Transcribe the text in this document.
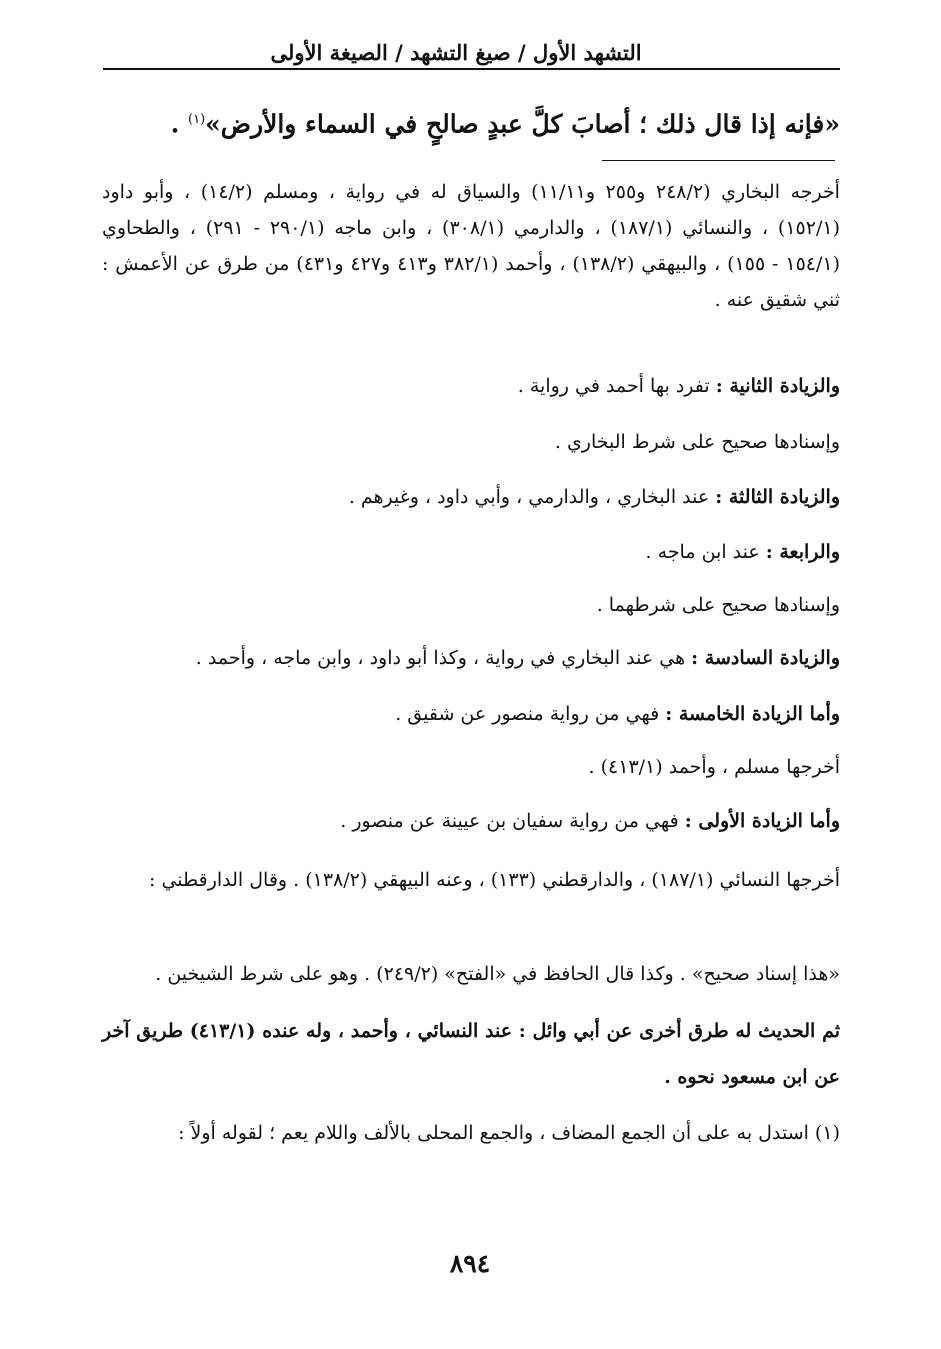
التشهد الأول / صيغ التشهد / الصيغة الأولى
«فإنه إذا قال ذلك ؛ أصابَ كلَّ عبدٍ صالحٍ في السماء والأرض»$^{(١)}$ .
أخرجه البخاري (٢٤٨/٢ و٢٥٥ و١١/١١) والسياق له في رواية ، ومسلم (١٤/٢) ، وأبو داود (١٥٢/١) ، والنسائي (١٨٧/١) ، والدارمي (٣٠٨/١) ، وابن ماجه (٢٩٠/١ - ٢٩١) ، والطحاوي (١٥٤/١ - ١٥٥) ، والبيهقي (١٣٨/٢) ، وأحمد (٣٨٢/١ و٤١٣ و٤٢٧ و٤٣١) من طرق عن الأعمش : ثني شقيق عنه .
والزيادة الثانية : تفرد بها أحمد في رواية .
وإسنادها صحيح على شرط البخاري .
والزيادة الثالثة : عند البخاري ، والدارمي ، وأبي داود ، وغيرهم .
والرابعة : عند ابن ماجه .
وإسنادها صحيح على شرطهما .
والزيادة السادسة : هي عند البخاري في رواية ، وكذا أبو داود ، وابن ماجه ، وأحمد .
وأما الزيادة الخامسة : فهي من رواية منصور عن شقيق .
أخرجها مسلم ، وأحمد (٤١٣/١) .
وأما الزيادة الأولى : فهي من رواية سفيان بن عيينة عن منصور .
أخرجها النسائي (١٨٧/١) ، والدارقطني (١٣٣) ، وعنه البيهقي (١٣٨/٢) . وقال الدارقطني :
«هذا إسناد صحيح» . وكذا قال الحافظ في «الفتح» (٢٤٩/٢) . وهو على شرط الشيخين .
ثم الحديث له طرق أخرى عن أبي وائل : عند النسائي ، وأحمد ، وله عنده (٤١٣/١) طريق آخر عن ابن مسعود نحوه .
(١) استدل به على أن الجمع المضاف ، والجمع المحلى بالألف واللام يعم ؛ لقوله أولاً :
٨٩٤
